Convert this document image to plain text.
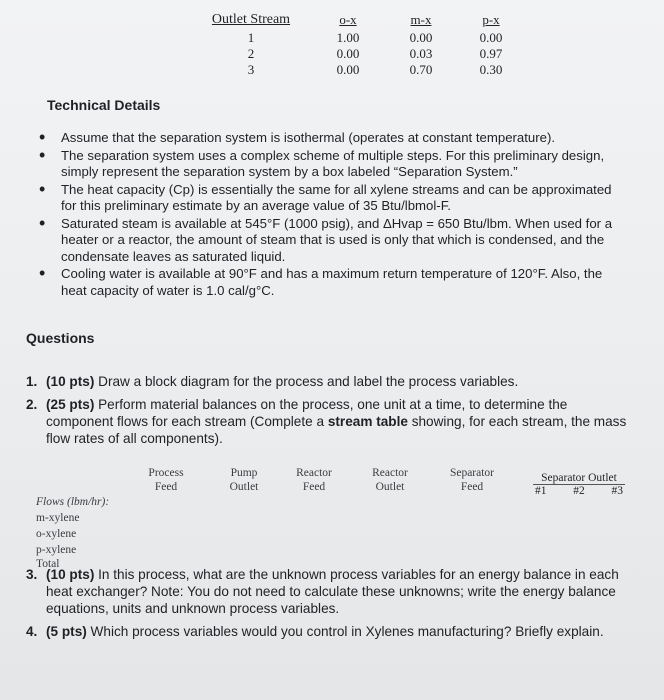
Outlet Stream
1
2
3
o-x
1.00
0.00
0.00
m-x
0.00
0.03
0.70
p-x
0.00
0.97
0.30
Technical Details
• Assume that the separation system is isothermal (operates at constant temperature).
• The separation system uses a complex scheme of multiple steps. For this preliminary design, simply represent the separation system by a box labeled “Separation System.”
• The heat capacity (Cp) is essentially the same for all xylene streams and can be approximated for this preliminary estimate by an average value of 35 Btu/lbmol-F.
• Saturated steam is available at 545°F (1000 psig), and ΔHvap = 650 Btu/lbm. When used for a heater or a reactor, the amount of steam that is used is only that which is condensed, and the condensate leaves as saturated liquid.
• Cooling water is available at 90°F and has a maximum return temperature of 120°F. Also, the heat capacity of water is 1.0 cal/g°C.
Questions
1. (10 pts) Draw a block diagram for the process and label the process variables.
2. (25 pts) Perform material balances on the process, one unit at a time, to determine the component flows for each stream (Complete a stream table showing, for each stream, the mass flow rates of all components).
Process
Feed
Pump
Outlet
Reactor
Feed
Reactor
Outlet
Separator
Feed
Separator Outlet
#1 #2 #3
Flows (lbm/hr):
m-xylene
o-xylene
p-xylene
Total
3. (10 pts) In this process, what are the unknown process variables for an energy balance in each heat exchanger? Note: You do not need to calculate these unknowns; write the energy balance equations, units and unknown process variables.
4. (5 pts) Which process variables would you control in Xylenes manufacturing? Briefly explain.
